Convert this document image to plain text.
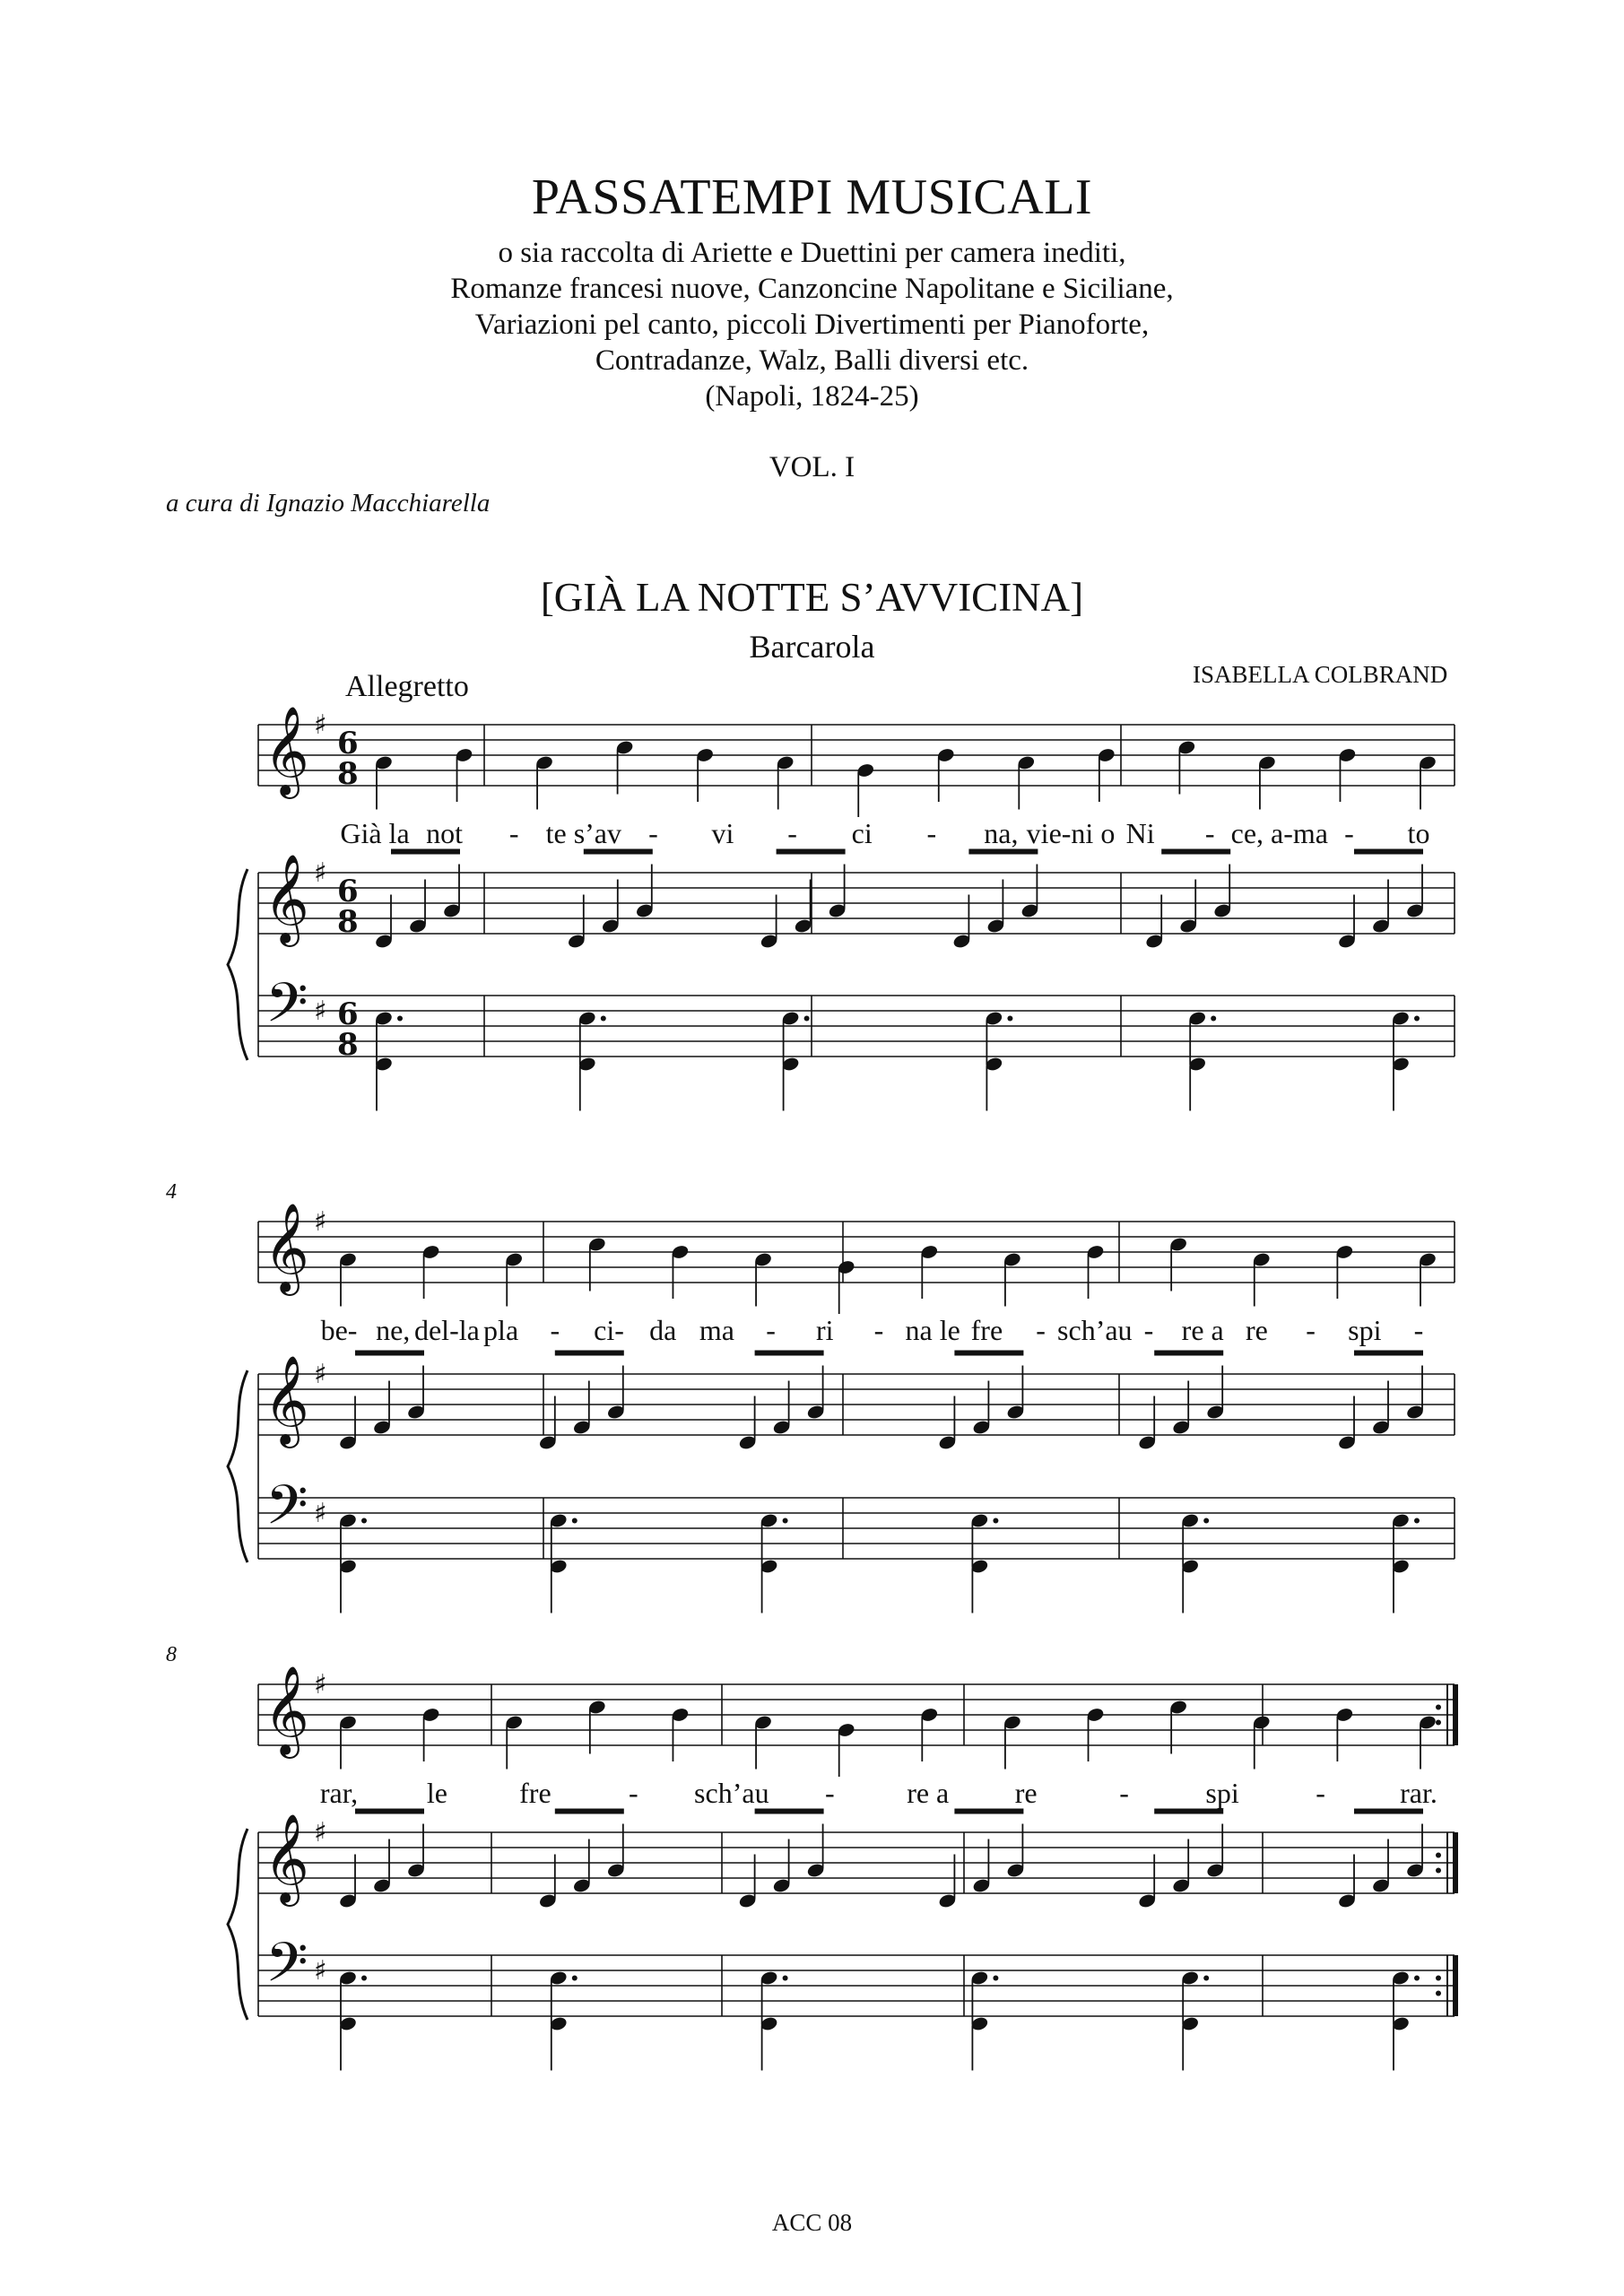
PASSATEMPI MUSICALI
o sia raccolta di Ariette e Duettini per camera inediti,
Romanze francesi nuove, Canzoncine Napolitane e Siciliane,
Variazioni pel canto, piccoli Divertimenti per Pianoforte,
Contradanze, Walz, Balli diversi etc.
(Napoli, 1824-25)
VOL. I
a cura di Ignazio Macchiarella
[GIÀ LA NOTTE S’AVVICINA]
Barcarola
ISABELLA COLBRAND
Allegretto
𝄞
𝄞
𝄢
♯
♯
♯
6
8
6
8
6
8
Già la not - te s’av - vi - ci - na, vie-ni o Ni - ce, a-ma - to
𝄞
𝄞
𝄢
♯
♯
♯
4
be- ne, del-la pla - ci- da ma - ri - na le fre - sch’au - re a re - spi -
𝄞
𝄞
𝄢
♯
♯
♯
8
rar, le	fre	- sch’au -	re a re	-	spi	-	rar.
ACC 08
